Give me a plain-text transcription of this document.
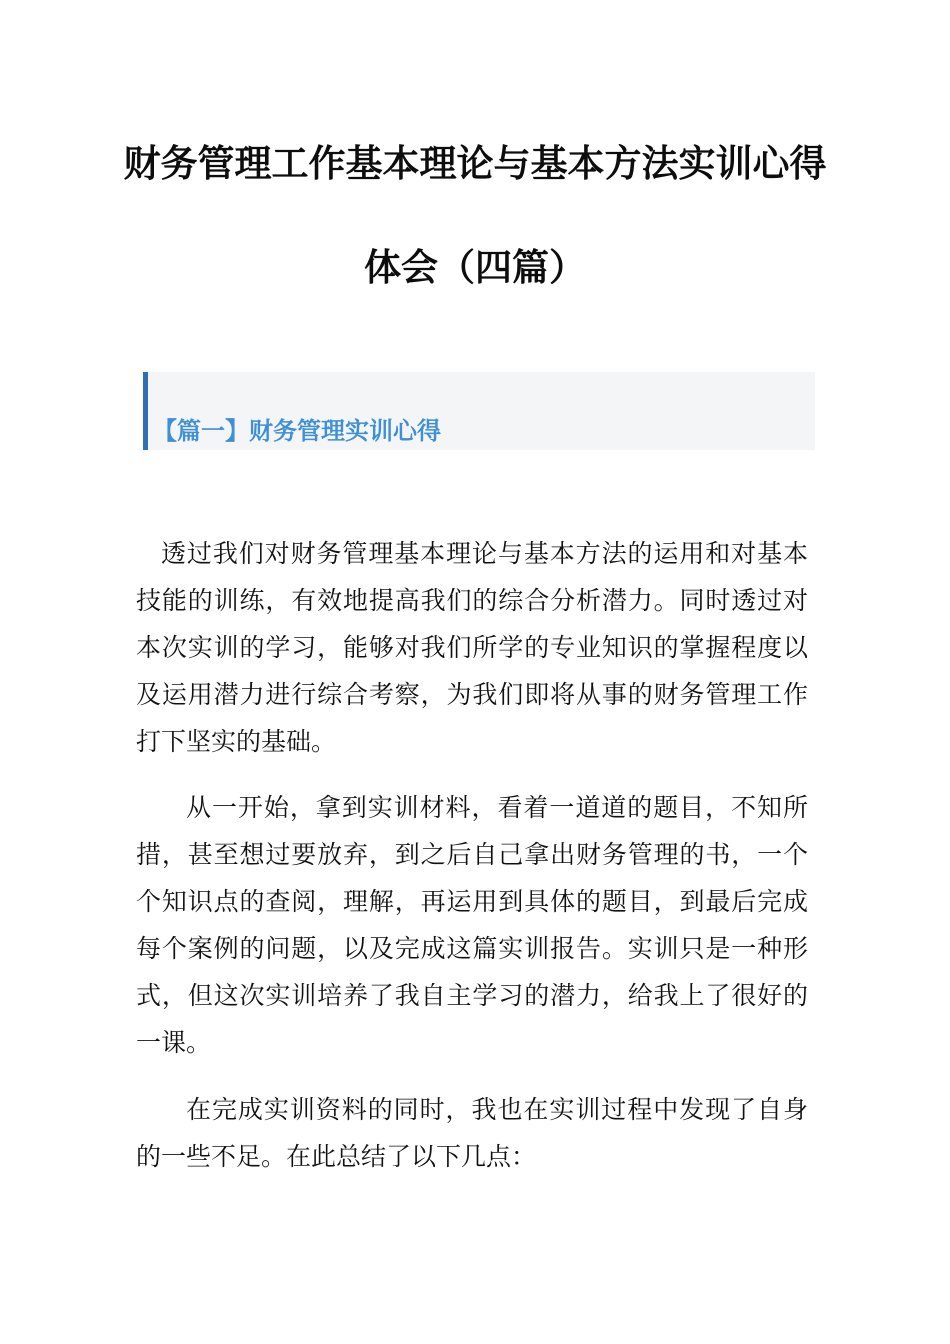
财务管理工作基本理论与基本方法实训心得
体会（四篇）
【篇一】财务管理实训心得

透过我们对财务管理基本理论与基本方法的运用和对基本技能的训练，有效地提高我们的综合分析潜力。同时透过对本次实训的学习，能够对我们所学的专业知识的掌握程度以及运用潜力进行综合考察，为我们即将从事的财务管理工作打下坚实的基础。

从一开始，拿到实训材料，看着一道道的题目，不知所措，甚至想过要放弃，到之后自己拿出财务管理的书，一个个知识点的查阅，理解，再运用到具体的题目，到最后完成每个案例的问题，以及完成这篇实训报告。实训只是一种形式，但这次实训培养了我自主学习的潜力，给我上了很好的一课。

在完成实训资料的同时，我也在实训过程中发现了自身的一些不足。在此总结了以下几点：
